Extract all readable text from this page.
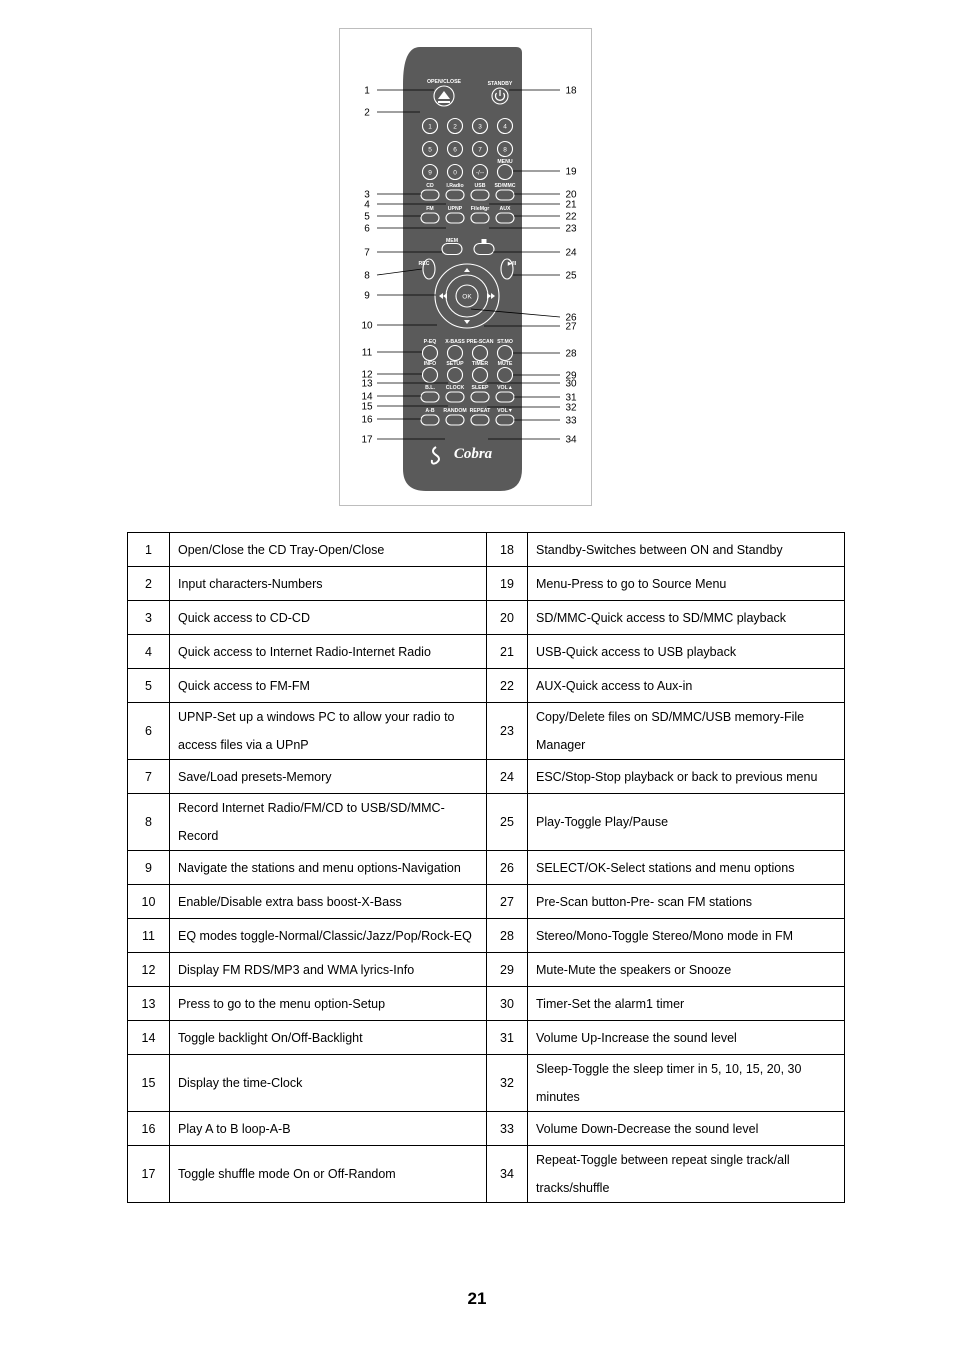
OPEN/CLOSE	STANDBY
1	2	3	4
5	6	7	8
9	0	-/--
MENU
CD I.Radio USB SD/MMC
FM	UPNP FileMgr AUX
MEM
REC	▶/II
OK
P-EQ X-BASS PRE-SCAN ST.MO
INFO SETUP TIMER MUTE
B.L. CLOCK SLEEP VOL▲
A-B RANDOM REPEAT VOL▼
Cobra
1
2
3
4
5
6
7
8
9
10
11
12
13
14
15
16
17
18
19
20
21
22
23
24
25
26
27
28
29
30
31
32
33
34
1	Open/Close the CD Tray-Open/Close	18	Standby-Switches between ON and Standby
2	Input characters-Numbers	19	Menu-Press to go to Source Menu
3	Quick access to CD-CD	20	SD/MMC-Quick access to SD/MMC playback
4	Quick access to Internet Radio-Internet Radio	21	USB-Quick access to USB playback
5	Quick access to FM-FM	22	AUX-Quick access to Aux-in
6	UPNP-Set up a windows PC to allow your radio to access files via a UPnP	23	Copy/Delete files on SD/MMC/USB memory-File Manager
7	Save/Load presets-Memory	24	ESC/Stop-Stop playback or back to previous menu
8	Record Internet Radio/FM/CD to USB/SD/MMC-Record	25	Play-Toggle Play/Pause
9	Navigate the stations and menu options-Navigation	26	SELECT/OK-Select stations and menu options
10	Enable/Disable extra bass boost-X-Bass	27	Pre-Scan button-Pre- scan FM stations
11	EQ modes toggle-Normal/Classic/Jazz/Pop/Rock-EQ	28	Stereo/Mono-Toggle Stereo/Mono mode in FM
12	Display FM RDS/MP3 and WMA lyrics-Info	29	Mute-Mute the speakers or Snooze
13	Press to go to the menu option-Setup	30	Timer-Set the alarm1 timer
14	Toggle backlight On/Off-Backlight	31	Volume Up-Increase the sound level
15	Display the time-Clock	32	Sleep-Toggle the sleep timer in 5, 10, 15, 20, 30 minutes
16	Play A to B loop-A-B	33	Volume Down-Decrease the sound level
17	Toggle shuffle mode On or Off-Random	34	Repeat-Toggle between repeat single track/all tracks/shuffle
21
